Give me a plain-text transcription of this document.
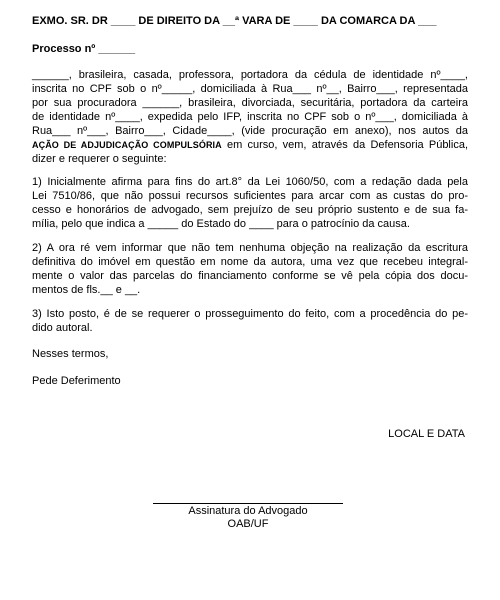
EXMO. SR. DR ____ DE DIREITO DA __ª VARA DE ____ DA COMARCA DA ___
Processo nº ______
______, brasileira, casada, professora, portadora da cédula de identidade nº____,
inscrita no CPF sob o nº_____, domiciliada à Rua___ nº__, Bairro___, representada
por sua procuradora ______, brasileira, divorciada, securitária, portadora da carteira
de identidade nº____, expedida pelo IFP, inscrita no CPF sob o nº___, domiciliada à
Rua___ nº___, Bairro___, Cidade____, (vide procuração em anexo), nos autos da
AÇÃO DE ADJUDICAÇÃO COMPULSÓRIA em curso, vem, através da Defensoria Pública,
dizer e requerer o seguinte:
1) Inicialmente afirma para fins do art.8° da Lei 1060/50, com a redação dada pela
Lei 7510/86, que não possui recursos suficientes para arcar com as custas do pro-
cesso e honorários de advogado, sem prejuízo de seu próprio sustento e de sua fa-
mília, pelo que indica a _____ do Estado do ____ para o patrocínio da causa.
2) A ora ré vem informar que não tem nenhuma objeção na realização da escritura
definitiva do imóvel em questão em nome da autora, uma vez que recebeu integral-
mente o valor das parcelas do financiamento conforme se vê pela cópia dos docu-
mentos de fls.__ e __.
3) Isto posto, é de se requerer o prosseguimento do feito, com a procedência do pe-
dido autoral.
Nesses termos,
Pede Deferimento
LOCAL E DATA
Assinatura do Advogado
OAB/UF
